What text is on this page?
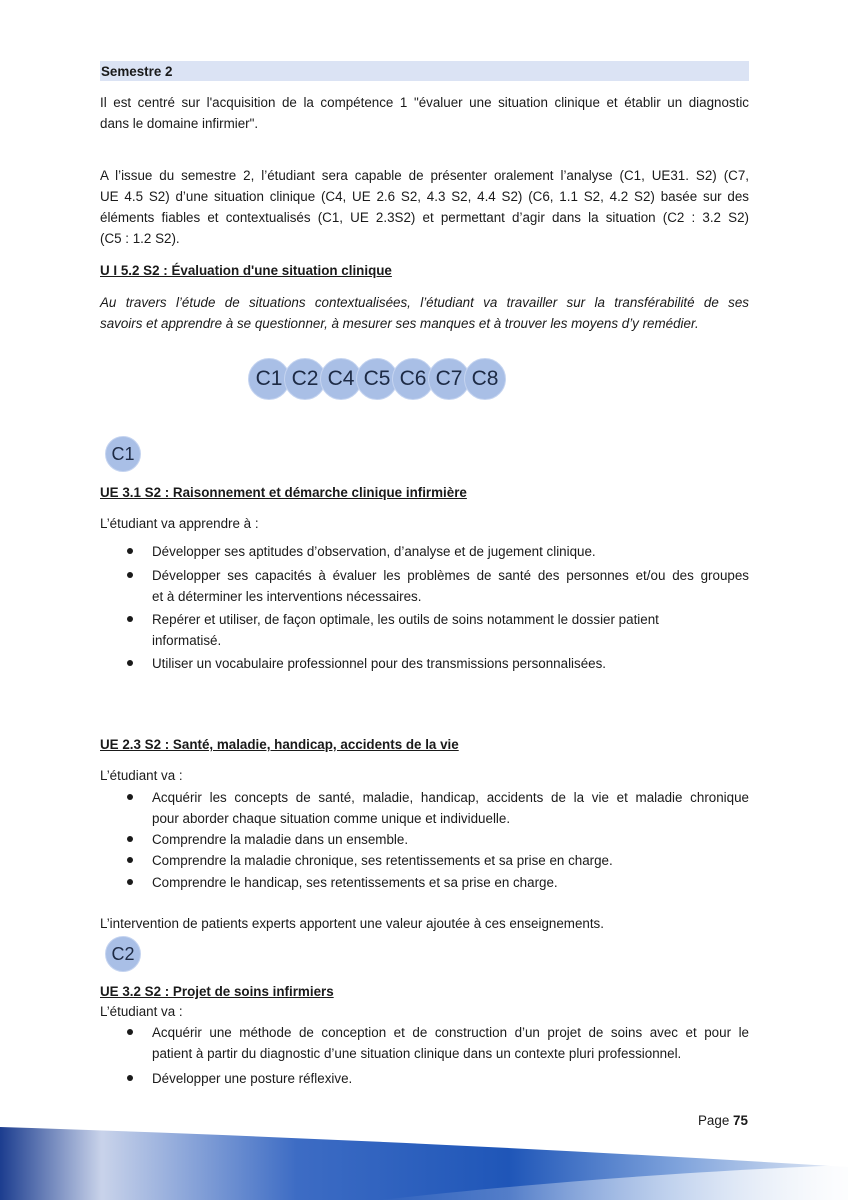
Semestre 2
Il est centré sur l'acquisition de la compétence 1 "évaluer une situation clinique et établir un diagnostic
dans le domaine infirmier".
A l’issue du semestre 2, l’étudiant sera capable de présenter oralement l’analyse (C1, UE31. S2) (C7,
UE 4.5 S2) d’une situation clinique (C4, UE 2.6 S2, 4.3 S2, 4.4 S2) (C6, 1.1 S2, 4.2 S2) basée sur des
éléments fiables et contextualisés (C1, UE 2.3S2) et permettant d’agir dans la situation (C2 : 3.2 S2)
(C5 : 1.2 S2).
U I 5.2 S2 : Évaluation d'une situation clinique
Au travers l’étude de situations contextualisées, l’étudiant va travailler sur la transférabilité de ses
savoirs et apprendre à se questionner, à mesurer ses manques et à trouver les moyens d’y remédier.
C1 C2 C4 C5 C6 C7 C8
C1
UE 3.1 S2 : Raisonnement et démarche clinique infirmière
L’étudiant va apprendre à :
Développer ses aptitudes d’observation, d’analyse et de jugement clinique.
Développer ses capacités à évaluer les problèmes de santé des personnes et/ou des groupes
et à déterminer les interventions nécessaires.
Repérer et utiliser, de façon optimale, les outils de soins notamment le dossier patient
informatisé.
Utiliser un vocabulaire professionnel pour des transmissions personnalisées.
UE 2.3 S2 : Santé, maladie, handicap, accidents de la vie
L’étudiant va :
Acquérir les concepts de santé, maladie, handicap, accidents de la vie et maladie chronique
pour aborder chaque situation comme unique et individuelle.
Comprendre la maladie dans un ensemble.
Comprendre la maladie chronique, ses retentissements et sa prise en charge.
Comprendre le handicap, ses retentissements et sa prise en charge.
L’intervention de patients experts apportent une valeur ajoutée à ces enseignements.
C2
UE 3.2 S2 : Projet de soins infirmiers
L’étudiant va :
Acquérir une méthode de conception et de construction d’un projet de soins avec et pour le
patient à partir du diagnostic d’une situation clinique dans un contexte pluri professionnel.
Développer une posture réflexive.
Page 75
